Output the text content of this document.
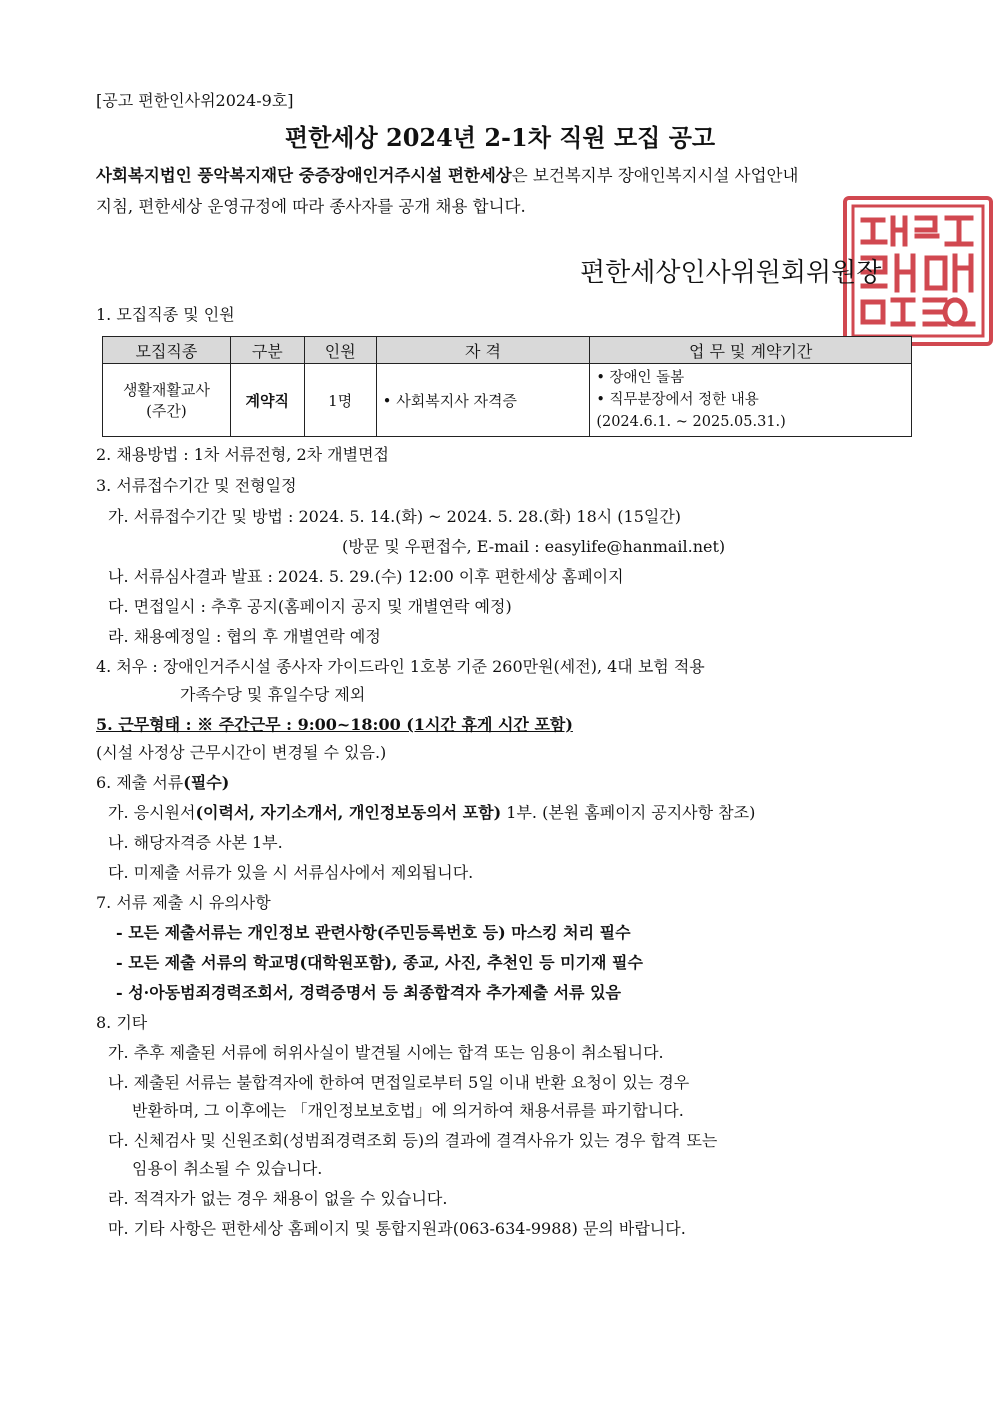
[공고 편한인사위2024-9호]
편한세상 2024년 2-1차 직원 모집 공고
사회복지법인 풍악복지재단 중증장애인거주시설 편한세상은 보건복지부 장애인복지시설 사업안내
지침, 편한세상 운영규정에 따라 종사자를 공개 채용 합니다.
편한세상인사위원회위원장
1. 모집직종 및 인원
모집직종	구분	인원	자 격	업 무 및 계약기간

생활재활교사
(주간)	계약직	1명	• 사회복지사 자격증	• 장애인 돌봄
• 직무분장에서 정한 내용
(2024.6.1. ~ 2025.05.31.)
2. 채용방법 : 1차 서류전형, 2차 개별면접
3. 서류접수기간 및 전형일정
가. 서류접수기간 및 방법 : 2024. 5. 14.(화) ~ 2024. 5. 28.(화) 18시 (15일간)
(방문 및 우편접수, E-mail : easylife@hanmail.net)
나. 서류심사결과 발표 : 2024. 5. 29.(수) 12:00 이후 편한세상 홈페이지
다. 면접일시 : 추후 공지(홈페이지 공지 및 개별연락 예정)
라. 채용예정일 : 협의 후 개별연락 예정
4. 처우 : 장애인거주시설 종사자 가이드라인 1호봉 기준 260만원(세전), 4대 보험 적용
가족수당 및 휴일수당 제외
5. 근무형태 : ※ 주간근무 : 9:00~18:00 (1시간 휴게 시간 포함)
(시설 사정상 근무시간이 변경될 수 있음.)
6. 제출 서류(필수)
가. 응시원서(이력서, 자기소개서, 개인정보동의서 포함) 1부. (본원 홈페이지 공지사항 참조)
나. 해당자격증 사본 1부.
다. 미제출 서류가 있을 시 서류심사에서 제외됩니다.
7. 서류 제출 시 유의사항
- 모든 제출서류는 개인정보 관련사항(주민등록번호 등) 마스킹 처리 필수
- 모든 제출 서류의 학교명(대학원포함), 종교, 사진, 추천인 등 미기재 필수
- 성·아동범죄경력조회서, 경력증명서 등 최종합격자 추가제출 서류 있음
8. 기타
가. 추후 제출된 서류에 허위사실이 발견될 시에는 합격 또는 임용이 취소됩니다.
나. 제출된 서류는 불합격자에 한하여 면접일로부터 5일 이내 반환 요청이 있는 경우
반환하며, 그 이후에는 「개인정보보호법」에 의거하여 채용서류를 파기합니다.
다. 신체검사 및 신원조회(성범죄경력조회 등)의 결과에 결격사유가 있는 경우 합격 또는
임용이 취소될 수 있습니다.
라. 적격자가 없는 경우 채용이 없을 수 있습니다.
마. 기타 사항은 편한세상 홈페이지 및 통합지원과(063-634-9988) 문의 바랍니다.
